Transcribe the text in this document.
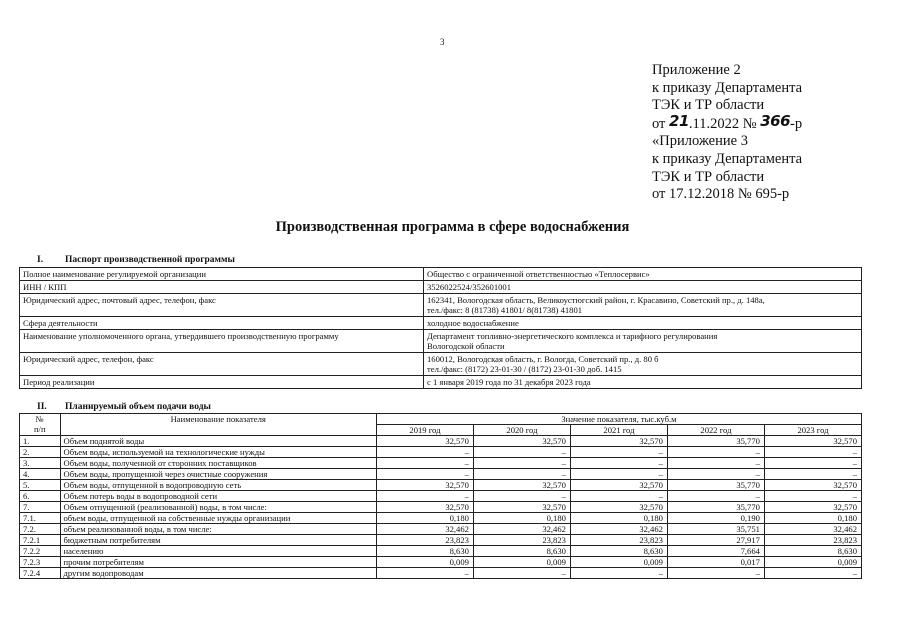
3
Приложение 2
к приказу Департамента
ТЭК и ТР области
от 21.11.2022 № 366-р
«Приложение 3
к приказу Департамента
ТЭК и ТР области
от 17.12.2018 № 695-р
Производственная программа в сфере водоснабжения
I. Паспорт производственной программы
Полное наименование регулируемой организации	Общество с ограниченной ответственностью «Теплосервис»

ИНН / КПП	3526022524/352601001

Юридический адрес, почтовый адрес, телефон, факс	162341, Вологодская область, Великоустюгский район, г. Красавино, Советский пр., д. 148а,
тел./факс: 8 (81738) 41801/ 8(81738) 41801

Сфера деятельности	холодное водоснабжение

Наименование уполномоченного органа, утвердившего производственную программу	Департамент топливно-энергетического комплекса и тарифного регулирования
Вологодской области

Юридический адрес, телефон, факс	160012, Вологодская область, г. Вологда, Советский пр., д. 80 б
тел./факс: (8172) 23-01-30 / (8172) 23-01-30 доб. 1415

Период реализации	с 1 января 2019 года по 31 декабря 2023 года
II. Планируемый объем подачи воды
№
п/п	Наименование показателя	Значение показателя, тыс.куб.м				
		2019 год	2020 год	2021 год	2022 год	2023 год
1.	Объем поднятой воды	32,570	32,570	32,570	35,770	32,570
2.	Объем воды, используемой на технологические нужды	–	–	–	–	–
3.	Объем воды, полученной от сторонних поставщиков	–	–	–	–	–
4.	Объем воды, пропущенной через очистные сооружения	–	–	–	–	–
5.	Объем воды, отпущенной в водопроводную сеть	32,570	32,570	32,570	35,770	32,570
6.	Объем потерь воды в водопроводной сети	–	–	–	–	–
7.	Объем отпущенной (реализованной) воды, в том числе:	32,570	32,570	32,570	35,770	32,570
7.1.	объем воды, отпущенной на собственные нужды организации	0,180	0,180	0,180	0,190	0,180
7.2.	объем реализованной воды, в том числе:	32,462	32,462	32,462	35,751	32,462
7.2.1	бюджетным потребителям	23,823	23,823	23,823	27,917	23,823
7.2.2	населению	8,630	8,630	8,630	7,664	8,630
7.2.3	прочим потребителям	0,009	0,009	0,009	0,017	0,009
7.2.4	другим водопроводам	–	–	–	–	–
